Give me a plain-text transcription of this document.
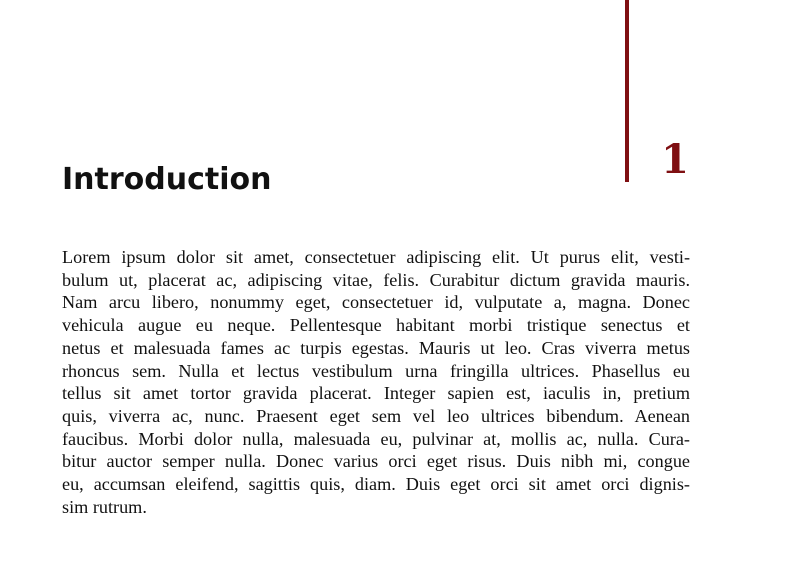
1
Introduction

Lorem ipsum dolor sit amet, consectetuer adipiscing elit. Ut purus elit, vesti-
bulum ut, placerat ac, adipiscing vitae, felis. Curabitur dictum gravida mauris.
Nam arcu libero, nonummy eget, consectetuer id, vulputate a, magna. Donec
vehicula augue eu neque. Pellentesque habitant morbi tristique senectus et
netus et malesuada fames ac turpis egestas. Mauris ut leo. Cras viverra metus
rhoncus sem. Nulla et lectus vestibulum urna fringilla ultrices. Phasellus eu
tellus sit amet tortor gravida placerat. Integer sapien est, iaculis in, pretium
quis, viverra ac, nunc. Praesent eget sem vel leo ultrices bibendum. Aenean
faucibus. Morbi dolor nulla, malesuada eu, pulvinar at, mollis ac, nulla. Cura-
bitur auctor semper nulla. Donec varius orci eget risus. Duis nibh mi, congue
eu, accumsan eleifend, sagittis quis, diam. Duis eget orci sit amet orci dignis-
sim rutrum.
